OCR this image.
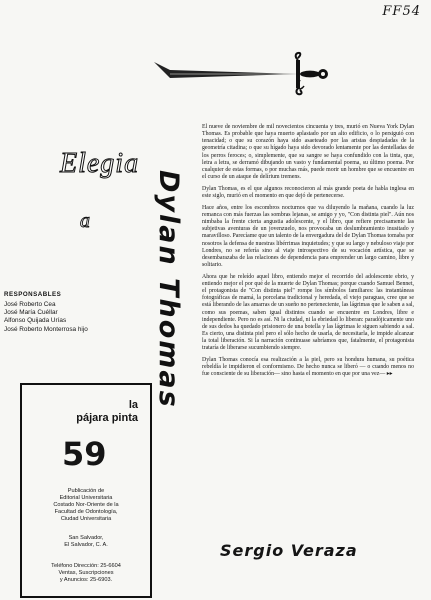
FF54
Elegia
a Dylan Thomas
RESPONSABLES
José Roberto Cea
José María Cuéllar
Alfonso Quijada Urías
José Roberto Monterrosa hijo
la
pájara pinta
59
Publicación de
Editorial Universitaria
Costado Nor-Oriente de la
Facultad de Odontología,
Ciudad Universitaria
San Salvador,
El Salvador, C. A.
Teléfono Dirección: 25-6604
Ventas, Suscripciones
y Anuncios: 25-6903.

El nueve de noviembre de mil novecientos cincuenta y tres, murió en Nueva York Dylan Thomas. Es probable que haya muerto aplastado por un alto edificio, o lo persiguió con tenacidad; o que su corazón haya sido asaeteado por las aristas despiadadas de la geometría citadina; o que su hígado haya sido devorado lentamente por las dentelladas de los perros feroces; o, simplemente, que su sangre se haya confundido con la tinta, que, letra a letra, se derramó dibujando un vasto y fundamental poema, su último poema. Por cualquier de estas formas, o por muchas más, puede morir un hombre que se encuentre en el curso de un ataque de delírium tremens.

Dylan Thomas, es el que algunos reconocieron al más grande poeta de habla inglesa en este siglo, murió en el momento en que dejó de pertenecerse.

Hace años, entre los escombros nocturnos que va diluyendo la mañana, cuando la luz remanca con más fuerzas las sombras lejanas, se amigo y yo, "Con distinta piel". Aún nos nimbaba la frente cierta angustia adolescente, y el libro, que refiere precisamente las subjetivas aventuras de un jovenzuelo, nos provocaba un deslumbramiento inusitado y maravilloso. Parecíame que un talento de la envergadura del de Dylan Thomas tomaba por nosotros la defensa de nuestras libérrimas inquietudes; y que su largo y nebuloso viaje por Londres, no se refería sino al viaje introspectivo de su vocación artística, que se desembarazaba de las relaciones de dependencia para emprender un largo camino, libre y solitario.

Ahora que he releído aquel libro, entiendo mejor el recorrido del adolescente ebrio, y entiendo mejor el por qué de la muerte de Dylan Thomas; porque cuando Samuel Bennet, el protagonista de "Con distinta piel" rompe los símbolos familiares: las instantáneas fotográficas de mamá, la porcelana tradicional y heredada, el viejo paraguas, cree que se está liberando de las amarras de un sueño no perteneciente, las lágrimas que le saben a sal, como sus poemas, saben igual distintos cuando se encuentre en Londres, libre e independiente. Pero no es así. Ni la ciudad, ni la ebriedad lo liberan: paradójicamente uno de sus dedos ha quedado prisionero de una botella y las lágrimas le siguen sabiendo a sal. Es cierto, una distinta piel pero el sólo hecho de usarla, de necesitarla, le impide alcanzar la total liberación. Si la narración continuase sabríamos que, fatalmente, el protagonista trataría de liberarse sucumbiendo siempre.

Dylan Thomas conocía esa realización a la piel, pero su hondura humana, su poética rebeldía le impidieron el conformismo. De hecho nunca se liberó — o cuando menos no fue consciente de su liberación— sino hasta el momento en que por una vez— ▸▸

Sergio Veraza
